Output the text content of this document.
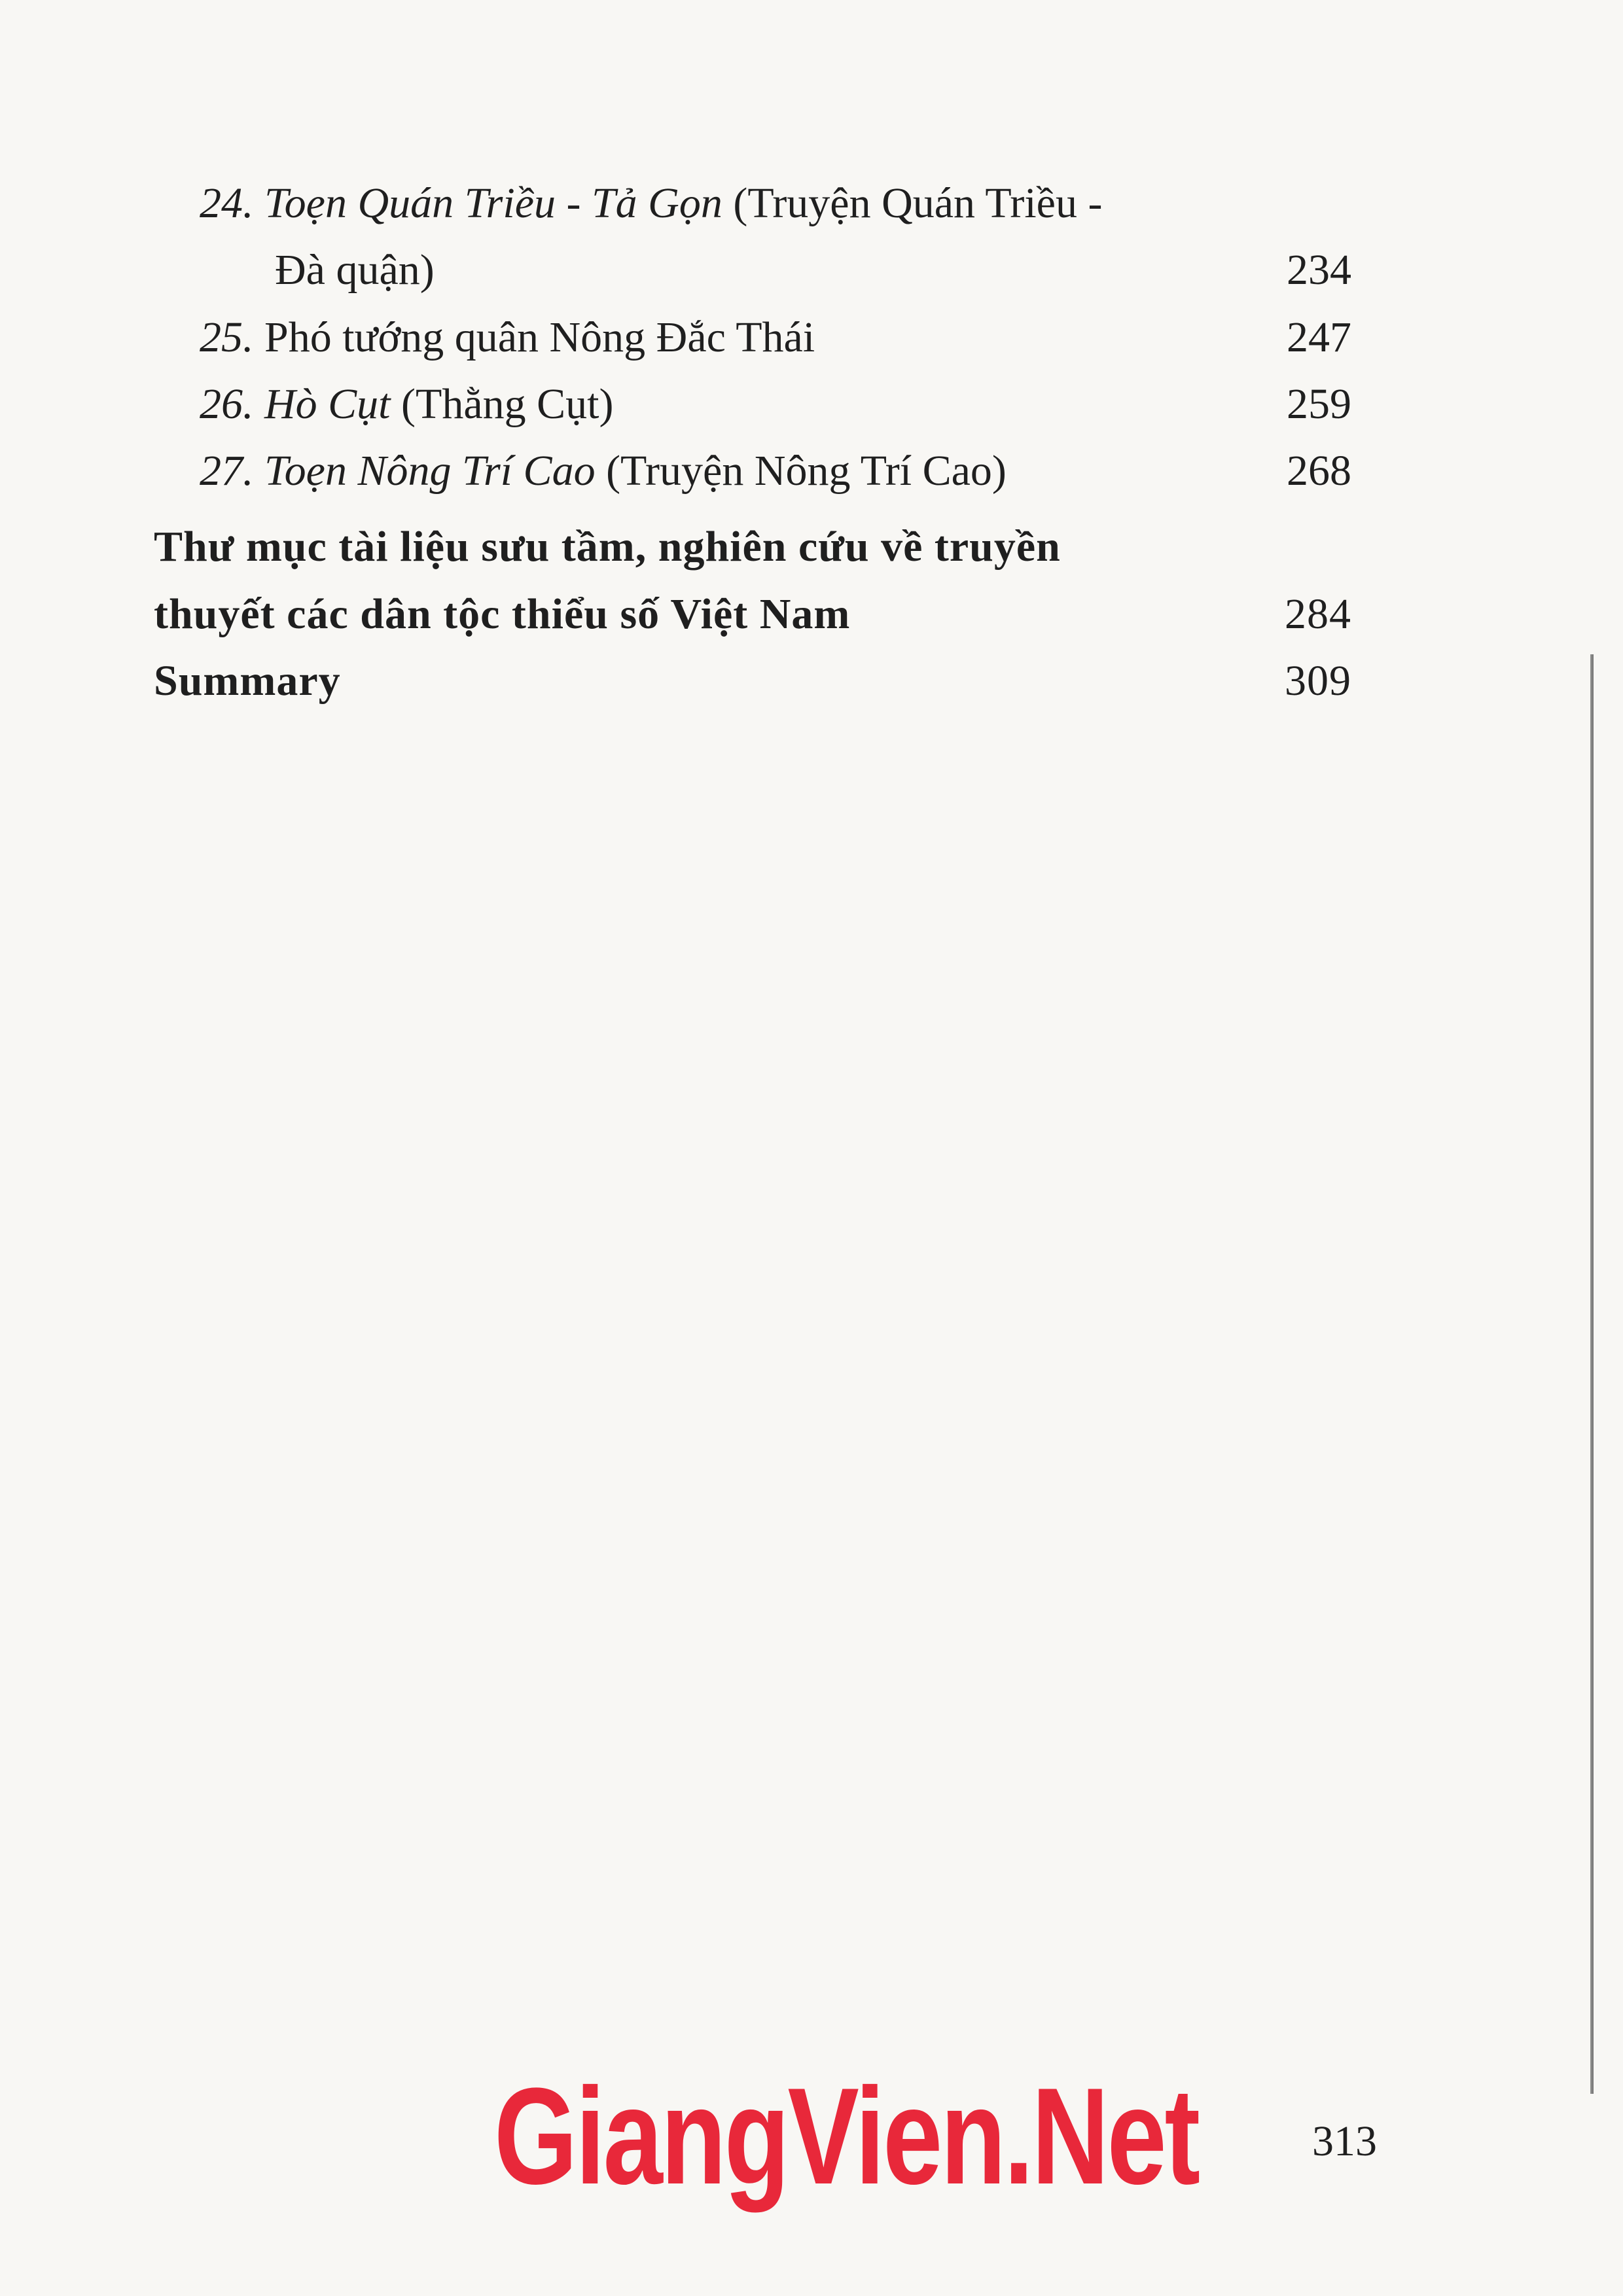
24. Toẹn Quán Triều - Tả Gọn (Truyện Quán Triều -
Đà quận)	234
25. Phó tướng quân Nông Đắc Thái	247
26. Hò Cụt (Thằng Cụt)	259
27. Toẹn Nông Trí Cao (Truyện Nông Trí Cao)	268
Thư mục tài liệu sưu tầm, nghiên cứu về truyền
thuyết các dân tộc thiểu số Việt Nam	284
Summary	309
GiangVien.Net	313
